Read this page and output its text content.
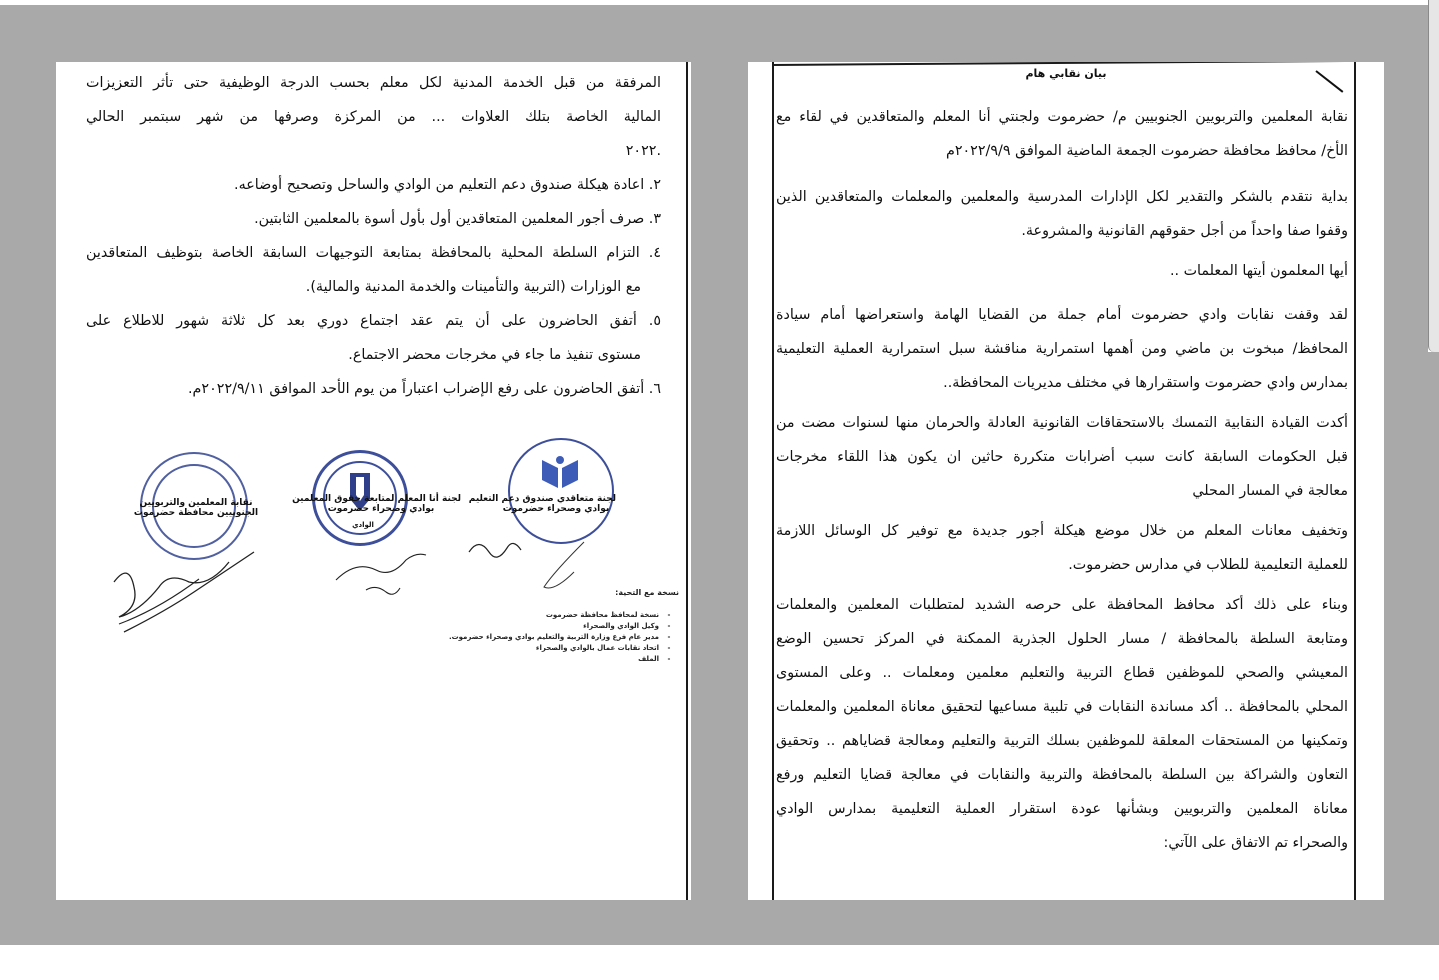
المرفقة من قبل الخدمة المدنية لكل معلم بحسب الدرجة الوظيفية حتى تأثر التعزيزات
المالية الخاصة بتلك العلاوات ... من المركزة وصرفها من شهر سبتمبر الحالي
.٢٠٢٢
٢. اعادة هيكلة صندوق دعم التعليم من الوادي والساحل وتصحيح أوضاعه.
٣. صرف أجور المعلمين المتعاقدين أول بأول أسوة بالمعلمين الثابتين.
٤. التزام السلطة المحلية بالمحافظة بمتابعة التوجيهات السابقة الخاصة بتوظيف المتعاقدين
مع الوزارات (التربية والتأمينات والخدمة المدنية والمالية).
٥. أتفق الحاضرون على أن يتم عقد اجتماع دوري بعد كل ثلاثة شهور للاطلاع على
مستوى تنفيذ ما جاء في مخرجات محضر الاجتماع.
٦. أتفق الحاضرون على رفع الإضراب اعتباراً من يوم الأحد الموافق ٢٠٢٢/٩/١١م.
لجنة متعاقدي صندوق دعم التعليم
بوادي وصحراء حضرموت
الوادي
لجنة أنا المعلم لمتابعة حقوق المعلمين
بوادي وصحراء حضرموت
نقابة المعلمين والتربويين
الجنوبيين محافظة حضرموت
نسخة مع التحية:
- نسخة لمحافظ محافظة حضرموت
- وكيل الوادي والصحراء
- مدير عام فرع وزارة التربية والتعليم بوادي وصحراء حضرموت.
- اتحاد نقابات عمال بالوادي والصحراء
- الملف
بيان نقابي هام
نقابة المعلمين والتربويين الجنوبيين م/ حضرموت ولجنتي أنا المعلم والمتعاقدين في لقاء مع
الأخ/ محافظ محافظة حضرموت الجمعة الماضية الموافق ٢٠٢٢/٩/٩م
بداية نتقدم بالشكر والتقدير لكل الإدارات المدرسية والمعلمين والمعلمات والمتعاقدين الذين
وقفوا صفا واحداً من أجل حقوقهم القانونية والمشروعة.
أيها المعلمون أيتها المعلمات ..
لقد وقفت نقابات وادي حضرموت أمام جملة من القضايا الهامة واستعراضها أمام سيادة
المحافظ/ مبخوت بن ماضي ومن أهمها استمرارية مناقشة سبل استمرارية العملية التعليمية
بمدارس وادي حضرموت واستقرارها في مختلف مديريات المحافظة..
أكدت القيادة النقابية التمسك بالاستحقاقات القانونية العادلة والحرمان منها لسنوات مضت من
قبل الحكومات السابقة كانت سبب أضرابات متكررة حاثين ان يكون هذا اللقاء مخرجات
معالجة في المسار المحلي
وتخفيف معانات المعلم من خلال موضع هيكلة أجور جديدة مع توفير كل الوسائل اللازمة
للعملية التعليمية للطلاب في مدارس حضرموت.
وبناء على ذلك أكد محافظ المحافظة على حرصه الشديد لمتطلبات المعلمين والمعلمات
ومتابعة السلطة بالمحافظة / مسار الحلول الجذرية الممكنة في المركز تحسين الوضع
المعيشي والصحي للموظفين قطاع التربية والتعليم معلمين ومعلمات .. وعلى المستوى
المحلي بالمحافظة .. أكد مساندة النقابات في تلبية مساعيها لتحقيق معاناة المعلمين والمعلمات
وتمكينها من المستحقات المعلقة للموظفين بسلك التربية والتعليم ومعالجة قضاياهم .. وتحقيق
التعاون والشراكة بين السلطة بالمحافظة والتربية والنقابات في معالجة قضايا التعليم ورفع
معاناة المعلمين والتربويين وبشأنها عودة استقرار العملية التعليمية بمدارس الوادي
والصحراء تم الاتفاق على الآتي:
